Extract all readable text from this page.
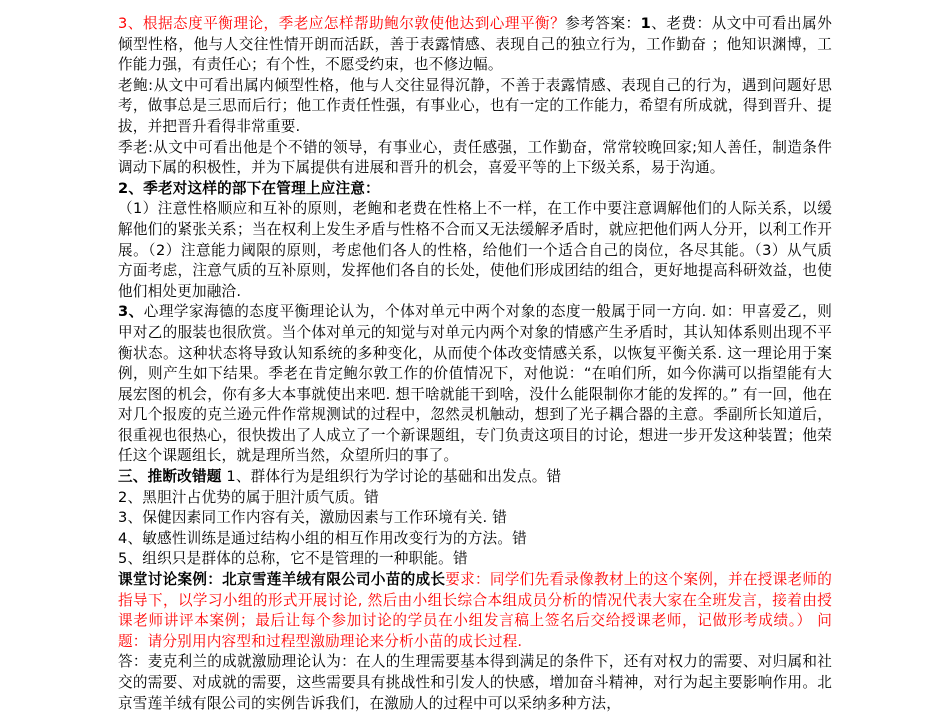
3、根据态度平衡理论，季老应怎样帮助鲍尔敦使他达到心理平衡？参考答案：1、老费：从文中可看出属外倾型性格，他与人交往性情开朗而活跃，善于表露情感、表现自己的独立行为，工作勤奋 ；他知识渊博，工作能力强，有责任心；有个性，不愿受约束，也不修边幅。

老鲍:从文中可看出属内倾型性格，他与人交往显得沉静，不善于表露情感、表现自己的行为，遇到问题好思考，做事总是三思而后行；他工作责任性强，有事业心，也有一定的工作能力，希望有所成就，得到晋升、提拔，并把晋升看得非常重要.

季老:从文中可看出他是个不错的领导，有事业心，责任感强，工作勤奋，常常较晚回家;知人善任，制造条件调动下属的积极性，并为下属提供有进展和晋升的机会，喜爱平等的上下级关系，易于沟通。

2、季老对这样的部下在管理上应注意：

（1）注意性格顺应和互补的原则，老鲍和老费在性格上不一样，在工作中要注意调解他们的人际关系，以缓解他们的紧张关系；当在权利上发生矛盾与性格不合而又无法缓解矛盾时，就应把他们两人分开，以利工作开展。（2）注意能力阈限的原则，考虑他们各人的性格，给他们一个适合自己的岗位，各尽其能。（3）从气质方面考虑，注意气质的互补原则，发挥他们各自的长处，使他们形成团结的组合，更好地提高科研效益，也使他们相处更加融洽.

3、心理学家海德的态度平衡理论认为，个体对单元中两个对象的态度一般属于同一方向. 如：甲喜爱乙，则甲对乙的服装也很欣赏。当个体对单元的知觉与对单元内两个对象的情感产生矛盾时，其认知体系则出现不平衡状态。这种状态将导致认知系统的多种变化，从而使个体改变情感关系，以恢复平衡关系. 这一理论用于案例，则产生如下结果。季老在肯定鲍尔敦工作的价值情况下，对他说：“在咱们所，如今你满可以指望能有大展宏图的机会，你有多大本事就使出来吧. 想干啥就能干到啥，没什么能限制你才能的发挥的。” 有一回，他在对几个报废的克兰逊元件作常规测试的过程中，忽然灵机触动，想到了光子耦合器的主意。季副所长知道后，很重视也很热心，很快拨出了人成立了一个新课题组，专门负责这项目的讨论，想进一步开发这种装置；他荣任这个课题组长，就是理所当然，众望所归的事了。

三、推断改错题 1、群体行为是组织行为学讨论的基础和出发点。错

2、黑胆汁占优势的属于胆汁质气质。错

3、保健因素同工作内容有关，激励因素与工作环境有关. 错

4、敏感性训练是通过结构小组的相互作用改变行为的方法。错

5、组织只是群体的总称，它不是管理的一种职能。错

课堂讨论案例：北京雪莲羊绒有限公司小苗的成长要求：同学们先看录像教材上的这个案例，并在授课老师的指导下，以学习小组的形式开展讨论, 然后由小组长综合本组成员分析的情况代表大家在全班发言，接着由授课老师讲评本案例；最后让每个参加讨论的学员在小组发言稿上签名后交给授课老师，记做形考成绩。） 问题：请分别用内容型和过程型激励理论来分析小苗的成长过程.

答：麦克利兰的成就激励理论认为：在人的生理需要基本得到满足的条件下，还有对权力的需要、对归属和社交的需要、对成就的需要，这些需要具有挑战性和引发人的快感，增加奋斗精神，对行为起主要影响作用。北京雪莲羊绒有限公司的实例告诉我们，在激励人的过程中可以采纳多种方法，
